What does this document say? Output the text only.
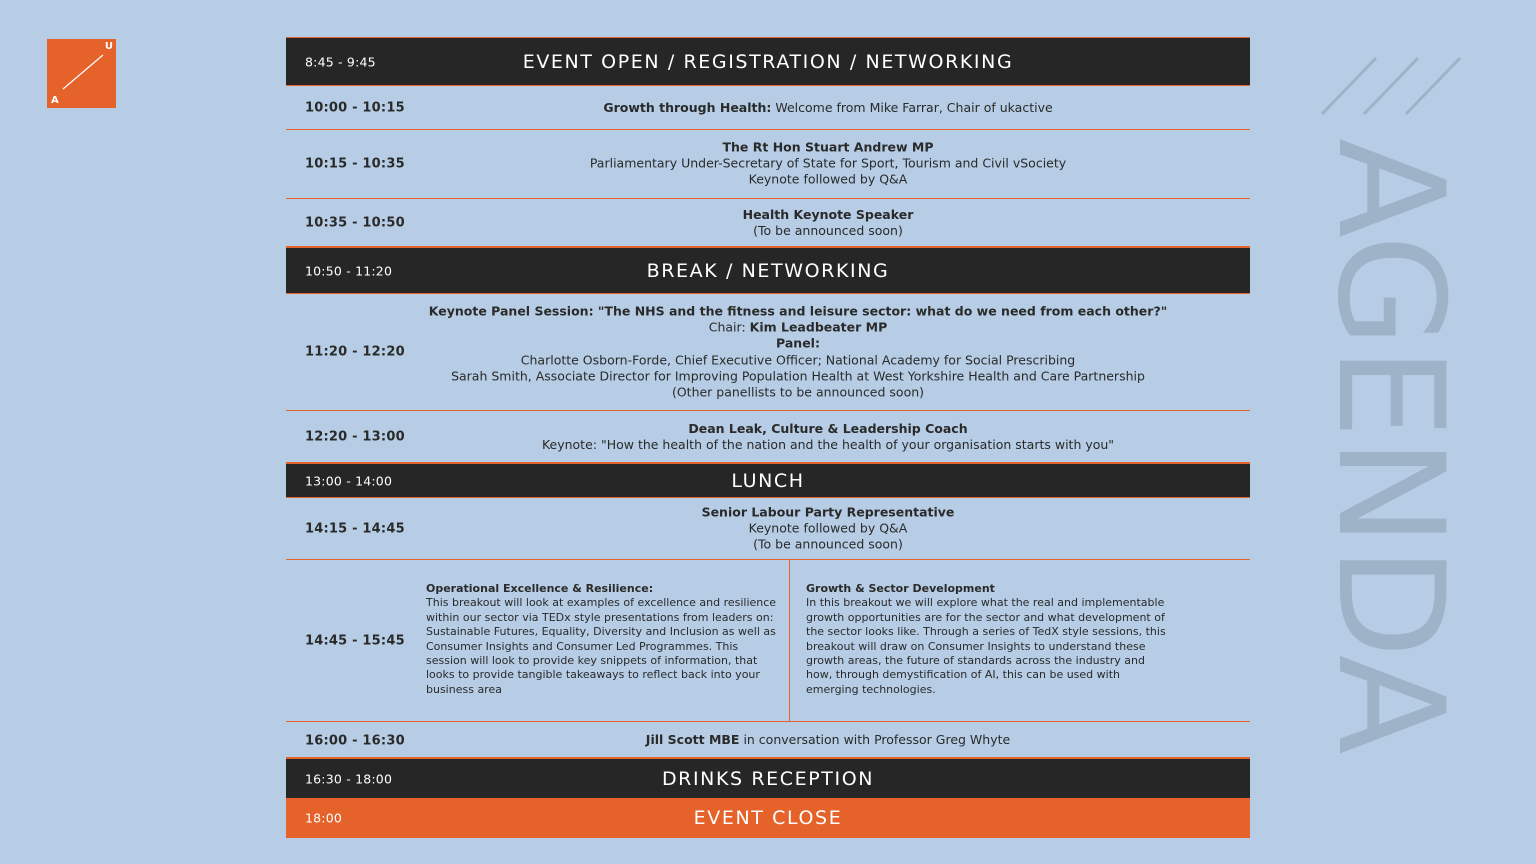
U
A
AGENDA
8:45 - 9:45	EVENT OPEN / REGISTRATION / NETWORKING
10:00 - 10:15	Growth through Health: Welcome from Mike Farrar, Chair of ukactive
10:15 - 10:35
The Rt Hon Stuart Andrew MP
Parliamentary Under-Secretary of State for Sport, Tourism and Civil vSociety
Keynote followed by Q&A
10:35 - 10:50
Health Keynote Speaker
(To be announced soon)
10:50 - 11:20	BREAK / NETWORKING
11:20 - 12:20
Keynote Panel Session: "The NHS and the fitness and leisure sector: what do we need from each other?"
Chair: Kim Leadbeater MP
Panel:
Charlotte Osborn-Forde, Chief Executive Officer; National Academy for Social Prescribing
Sarah Smith, Associate Director for Improving Population Health at West Yorkshire Health and Care Partnership
(Other panellists to be announced soon)
12:20 - 13:00
Dean Leak, Culture & Leadership Coach
Keynote: "How the health of the nation and the health of your organisation starts with you"
13:00 - 14:00	LUNCH
14:15 - 14:45
Senior Labour Party Representative
Keynote followed by Q&A
(To be announced soon)
14:45 - 15:45
Operational Excellence & Resilience:
This breakout will look at examples of excellence and resilience within our sector via TEDx style presentations from leaders on: Sustainable Futures, Equality, Diversity and Inclusion as well as Consumer Insights and Consumer Led Programmes. This session will look to provide key snippets of information, that looks to provide tangible takeaways to reflect back into your business area
Growth & Sector Development
In this breakout we will explore what the real and implementable growth opportunities are for the sector and what development of the sector looks like. Through a series of TedX style sessions, this breakout will draw on Consumer Insights to understand these growth areas, the future of standards across the industry and how, through demystification of AI, this can be used with emerging technologies.
16:00 - 16:30	Jill Scott MBE in conversation with Professor Greg Whyte
16:30 - 18:00	DRINKS RECEPTION
18:00	EVENT CLOSE
